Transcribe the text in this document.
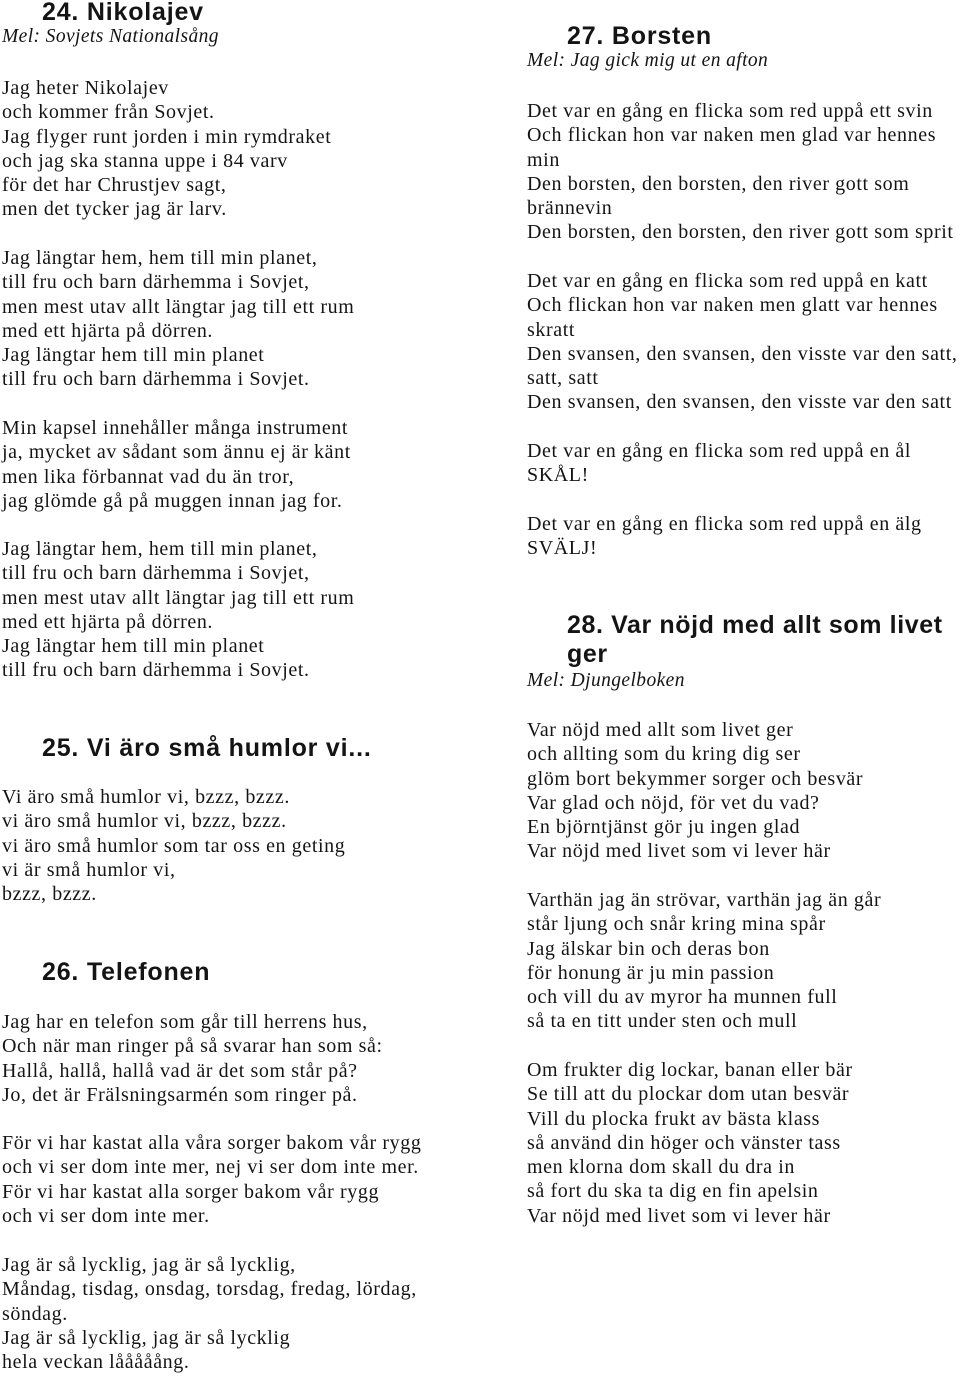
24. Nikolajev
Mel: Sovjets Nationalsång
Jag heter Nikolajev
och kommer från Sovjet.
Jag flyger runt jorden i min rymdraket
och jag ska stanna uppe i 84 varv
för det har Chrustjev sagt,
men det tycker jag är larv.
Jag längtar hem, hem till min planet,
till fru och barn därhemma i Sovjet,
men mest utav allt längtar jag till ett rum
med ett hjärta på dörren.
Jag längtar hem till min planet
till fru och barn därhemma i Sovjet.
Min kapsel innehåller många instrument
ja, mycket av sådant som ännu ej är känt
men lika förbannat vad du än tror,
jag glömde gå på muggen innan jag for.
Jag längtar hem, hem till min planet,
till fru och barn därhemma i Sovjet,
men mest utav allt längtar jag till ett rum
med ett hjärta på dörren.
Jag längtar hem till min planet
till fru och barn därhemma i Sovjet.
25. Vi äro små humlor vi...
Vi äro små humlor vi, bzzz, bzzz.
vi äro små humlor vi, bzzz, bzzz.
vi äro små humlor som tar oss en geting
vi är små humlor vi,
bzzz, bzzz.
26. Telefonen
Jag har en telefon som går till herrens hus,
Och när man ringer på så svarar han som så:
Hallå, hallå, hallå vad är det som står på?
Jo, det är Frälsningsarmén som ringer på.
För vi har kastat alla våra sorger bakom vår rygg
och vi ser dom inte mer, nej vi ser dom inte mer.
För vi har kastat alla sorger bakom vår rygg
och vi ser dom inte mer.
Jag är så lycklig, jag är så lycklig,
Måndag, tisdag, onsdag, torsdag, fredag, lördag,
söndag.
Jag är så lycklig, jag är så lycklig
hela veckan lååååång.
27. Borsten
Mel: Jag gick mig ut en afton
Det var en gång en flicka som red uppå ett svin
Och flickan hon var naken men glad var hennes
min
Den borsten, den borsten, den river gott som
brännevin
Den borsten, den borsten, den river gott som sprit
Det var en gång en flicka som red uppå en katt
Och flickan hon var naken men glatt var hennes
skratt
Den svansen, den svansen, den visste var den satt,
satt, satt
Den svansen, den svansen, den visste var den satt
Det var en gång en flicka som red uppå en ål
SKÅL!
Det var en gång en flicka som red uppå en älg
SVÄLJ!
28. Var nöjd med allt som livet ger
Mel: Djungelboken
Var nöjd med allt som livet ger
och allting som du kring dig ser
glöm bort bekymmer sorger och besvär
Var glad och nöjd, för vet du vad?
En björntjänst gör ju ingen glad
Var nöjd med livet som vi lever här
Varthän jag än strövar, varthän jag än går
står ljung och snår kring mina spår
Jag älskar bin och deras bon
för honung är ju min passion
och vill du av myror ha munnen full
så ta en titt under sten och mull
Om frukter dig lockar, banan eller bär
Se till att du plockar dom utan besvär
Vill du plocka frukt av bästa klass
så använd din höger och vänster tass
men klorna dom skall du dra in
så fort du ska ta dig en fin apelsin
Var nöjd med livet som vi lever här
